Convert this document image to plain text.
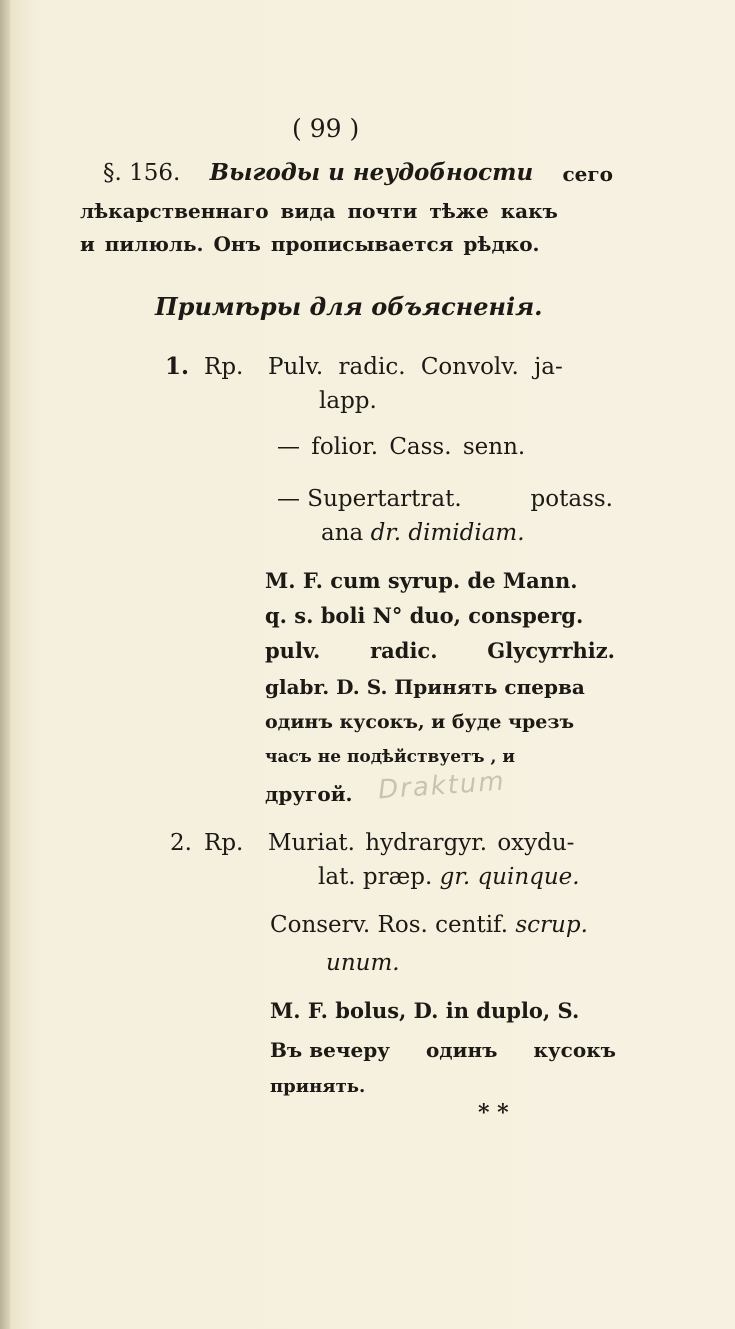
( 99 )
§. 156. Выгоды и неудобности сего
лѣкарственнаго вида почти тѣже какъ
и пилюль. Онъ прописывается рѣдко.
Примѣры для объясненія.
1. Rp. Pulv. radic. Convolv. ja-
lapp.
— folior. Cass. senn.
— Supertartrat.	potass.
ana dr. dimidiam.
M. F. cum syrup. de Mann.
q. s. boli N° duo, consperg.
pulv. radic. Glycyrrhiz.
glabr. D. S. Принять сперва
одинъ кусокъ, и буде чрезъ
часъ не подѣйствуетъ , и
другой. Draktum
2. Rp. Muriat. hydrargyr. oxydu-
lat. præp. gr. quinque.
Conserv. Ros. centif. scrup.
unum.
M. F. bolus, D. in duplo, S.
Въ вечеру одинъ кусокъ
принять.
* *
